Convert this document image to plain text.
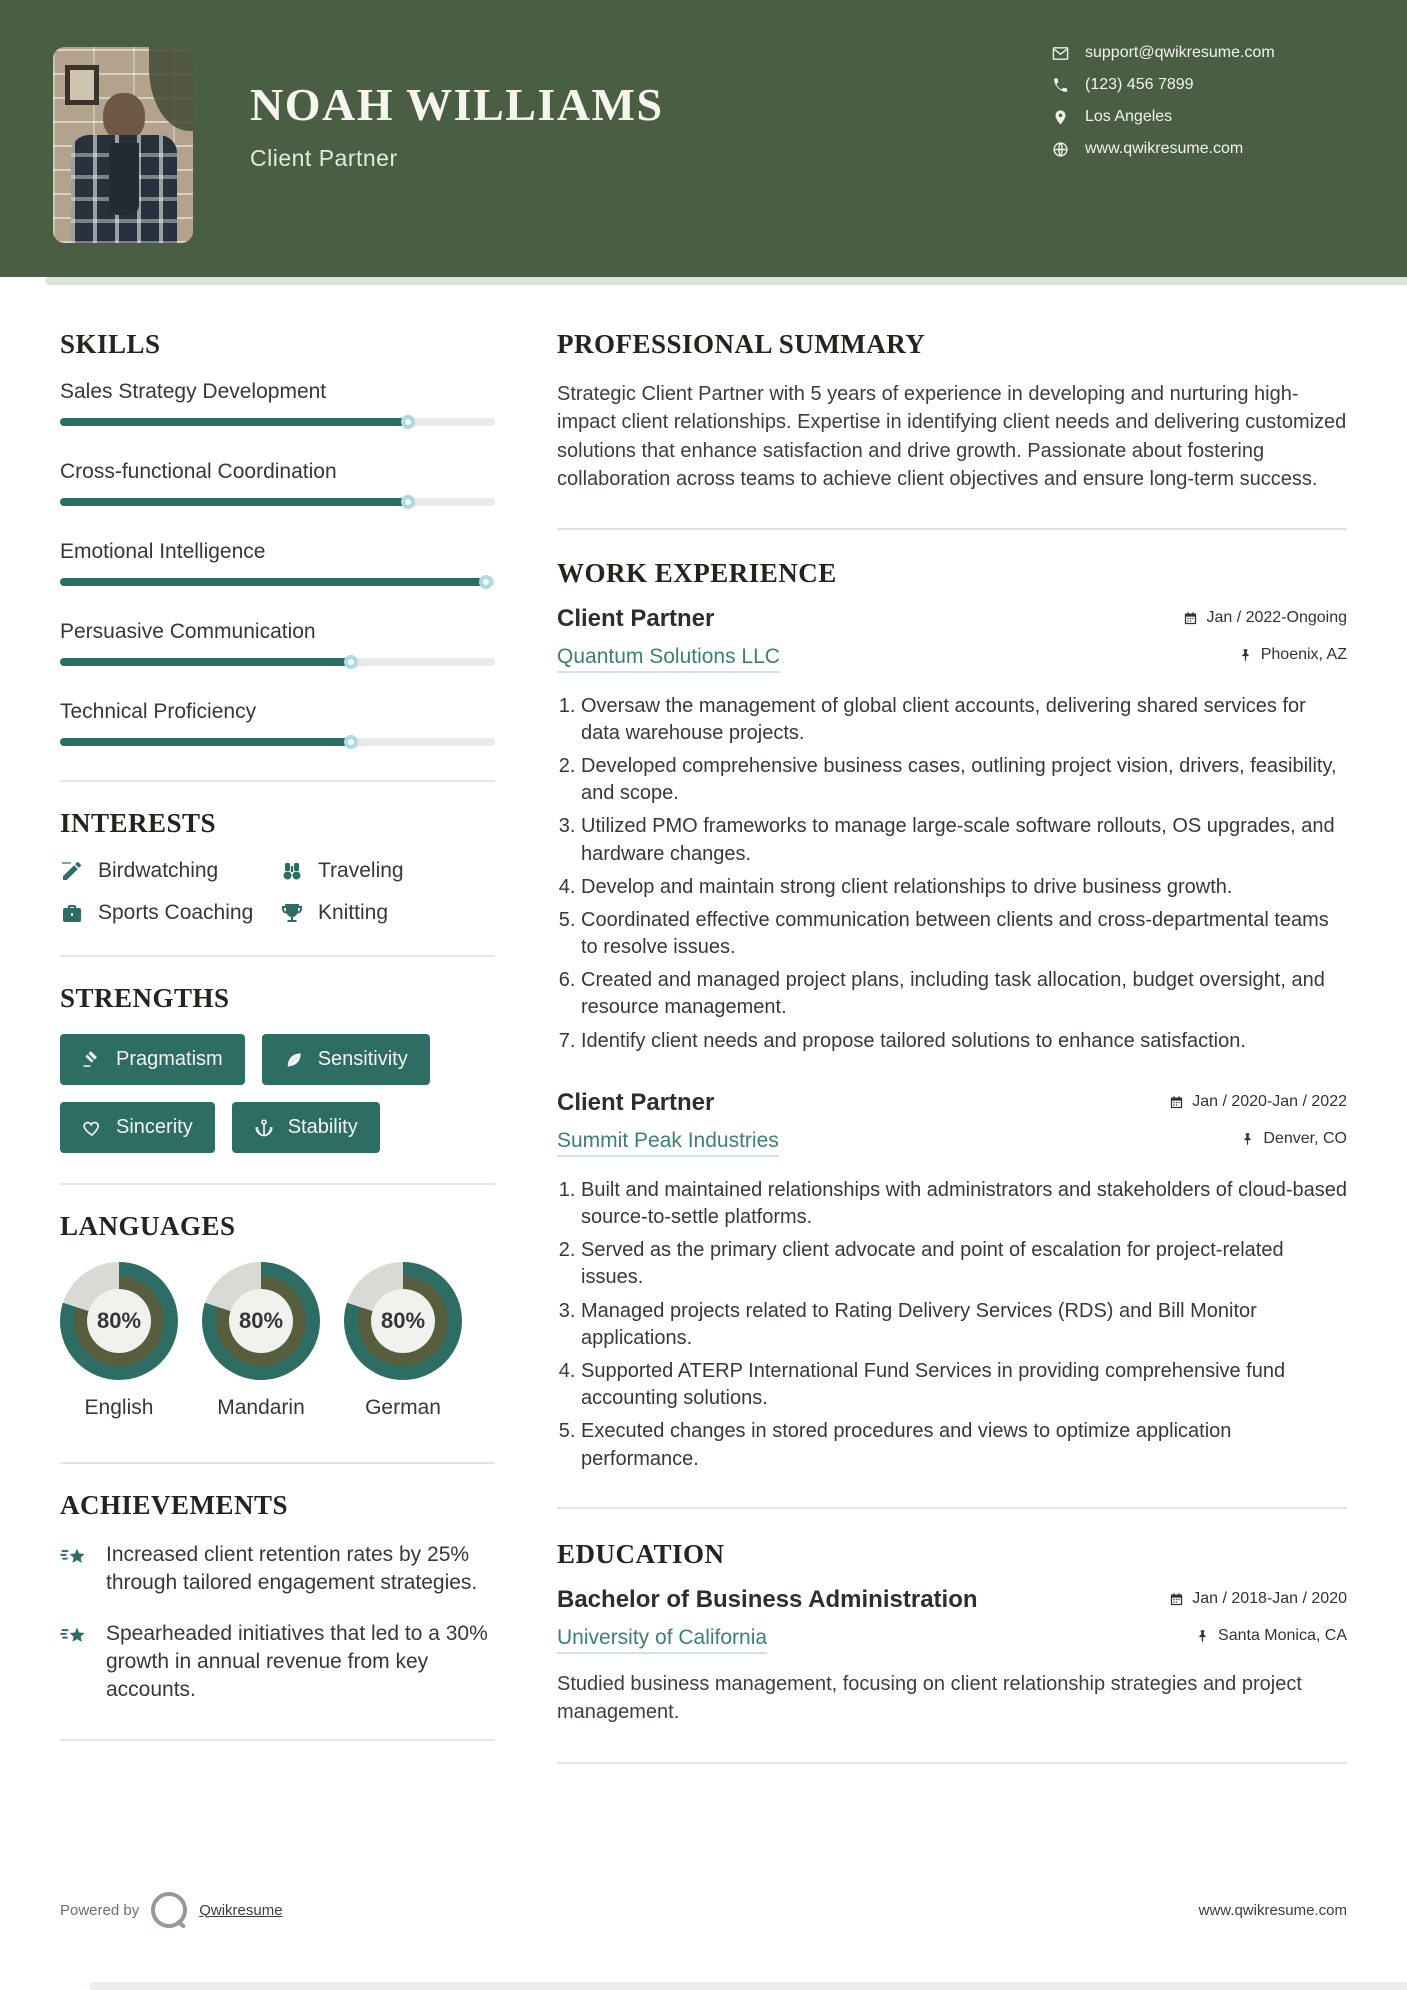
NOAH WILLIAMS
Client Partner
support@qwikresume.com
(123) 456 7899
Los Angeles
www.qwikresume.com
SKILLS
Sales Strategy Development
Cross-functional Coordination
Emotional Intelligence
Persuasive Communication
Technical Proficiency
INTERESTS
Birdwatching	Traveling
Sports Coaching	Knitting
STRENGTHS
Pragmatism	Sensitivity
Sincerity	Stability
LANGUAGES
80%
English
80%
Mandarin
80%
German
ACHIEVEMENTS
Increased client retention rates by 25% through tailored engagement strategies.
Spearheaded initiatives that led to a 30% growth in annual revenue from key accounts.
PROFESSIONAL SUMMARY

Strategic Client Partner with 5 years of experience in developing and nurturing high-impact client relationships. Expertise in identifying client needs and delivering customized solutions that enhance satisfaction and drive growth. Passionate about fostering collaboration across teams to achieve client objectives and ensure long-term success.

WORK EXPERIENCE
Client Partner	Jan / 2022-Ongoing
Quantum Solutions LLC	Phoenix, AZ
1. Oversaw the management of global client accounts, delivering shared services for data warehouse projects.
2. Developed comprehensive business cases, outlining project vision, drivers, feasibility, and scope.
3. Utilized PMO frameworks to manage large-scale software rollouts, OS upgrades, and hardware changes.
4. Develop and maintain strong client relationships to drive business growth.
5. Coordinated effective communication between clients and cross-departmental teams to resolve issues.
6. Created and managed project plans, including task allocation, budget oversight, and resource management.
7. Identify client needs and propose tailored solutions to enhance satisfaction.
Client Partner	Jan / 2020-Jan / 2022
Summit Peak Industries	Denver, CO
1. Built and maintained relationships with administrators and stakeholders of cloud-based source-to-settle platforms.
2. Served as the primary client advocate and point of escalation for project-related issues.
3. Managed projects related to Rating Delivery Services (RDS) and Bill Monitor applications.
4. Supported ATERP International Fund Services in providing comprehensive fund accounting solutions.
5. Executed changes in stored procedures and views to optimize application performance.
EDUCATION
Bachelor of Business Administration	Jan / 2018-Jan / 2020
University of California	Santa Monica, CA

Studied business management, focusing on client relationship strategies and project management.

Powered by	Qwikresume	www.qwikresume.com
